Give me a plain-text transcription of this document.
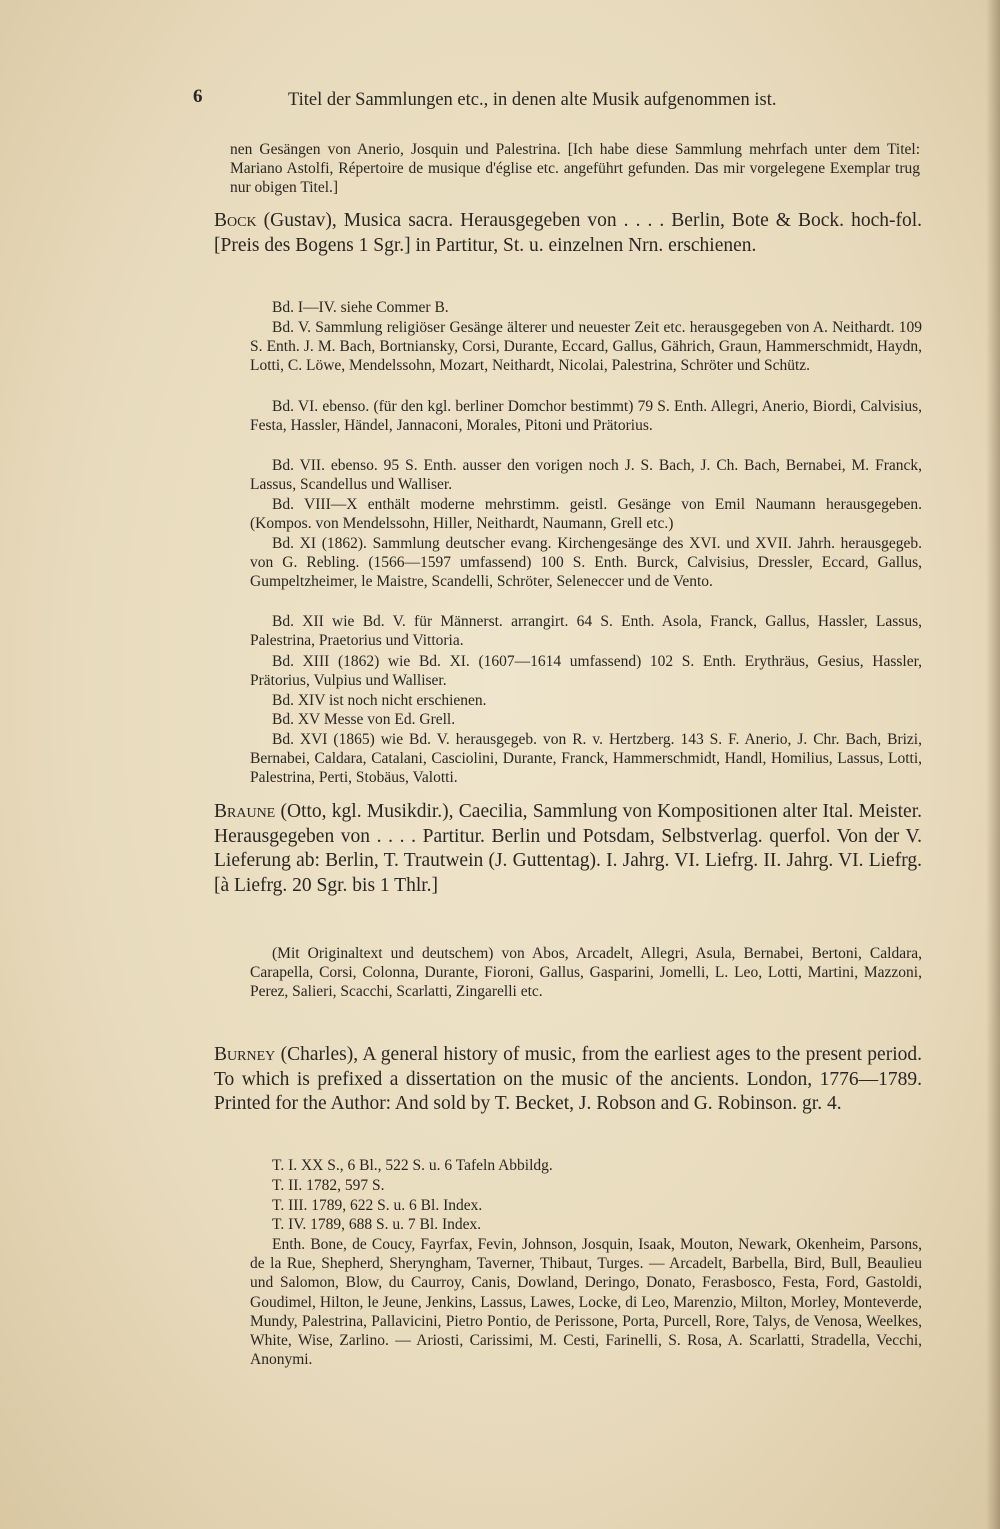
6	Titel der Sammlungen etc., in denen alte Musik aufgenommen ist.

nen Gesängen von Anerio, Josquin und Palestrina. [Ich habe diese Sammlung mehrfach unter dem Titel: Mariano Astolfi, Répertoire de musique d'église etc. angeführt gefunden. Das mir vorgelegene Exemplar trug nur obigen Titel.]

Bock (Gustav), Musica sacra. Herausgegeben von . . . . Berlin, Bote & Bock. hoch-fol. [Preis des Bogens 1 Sgr.] in Partitur, St. u. einzelnen Nrn. erschienen.

Bd. I—IV. siehe Commer B.

Bd. V. Sammlung religiöser Gesänge älterer und neuester Zeit etc. herausgegeben von A. Neithardt. 109 S. Enth. J. M. Bach, Bortniansky, Corsi, Durante, Eccard, Gallus, Gährich, Graun, Hammerschmidt, Haydn, Lotti, C. Löwe, Mendelssohn, Mozart, Neithardt, Nicolai, Palestrina, Schröter und Schütz.

Bd. VI. ebenso. (für den kgl. berliner Domchor bestimmt) 79 S. Enth. Allegri, Anerio, Biordi, Calvisius, Festa, Hassler, Händel, Jannaconi, Morales, Pitoni und Prätorius.

Bd. VII. ebenso. 95 S. Enth. ausser den vorigen noch J. S. Bach, J. Ch. Bach, Bernabei, M. Franck, Lassus, Scandellus und Walliser.

Bd. VIII—X enthält moderne mehrstimm. geistl. Gesänge von Emil Naumann herausgegeben. (Kompos. von Mendelssohn, Hiller, Neithardt, Naumann, Grell etc.)

Bd. XI (1862). Sammlung deutscher evang. Kirchengesänge des XVI. und XVII. Jahrh. herausgegeb. von G. Rebling. (1566—1597 umfassend) 100 S. Enth. Burck, Calvisius, Dressler, Eccard, Gallus, Gumpeltzheimer, le Maistre, Scandelli, Schröter, Seleneccer und de Vento.

Bd. XII wie Bd. V. für Männerst. arrangirt. 64 S. Enth. Asola, Franck, Gallus, Hassler, Lassus, Palestrina, Praetorius und Vittoria.

Bd. XIII (1862) wie Bd. XI. (1607—1614 umfassend) 102 S. Enth. Erythräus, Gesius, Hassler, Prätorius, Vulpius und Walliser.

Bd. XIV ist noch nicht erschienen.

Bd. XV Messe von Ed. Grell.

Bd. XVI (1865) wie Bd. V. herausgegeb. von R. v. Hertzberg. 143 S. F. Anerio, J. Chr. Bach, Brizi, Bernabei, Caldara, Catalani, Casciolini, Durante, Franck, Hammerschmidt, Handl, Homilius, Lassus, Lotti, Palestrina, Perti, Stobäus, Valotti.

Braune (Otto, kgl. Musikdir.), Caecilia, Sammlung von Kompositionen alter Ital. Meister. Herausgegeben von . . . . Partitur. Berlin und Potsdam, Selbstverlag. querfol. Von der V. Lieferung ab: Berlin, T. Trautwein (J. Guttentag). I. Jahrg. VI. Liefrg. II. Jahrg. VI. Liefrg. [à Liefrg. 20 Sgr. bis 1 Thlr.]

(Mit Originaltext und deutschem) von Abos, Arcadelt, Allegri, Asula, Bernabei, Bertoni, Caldara, Carapella, Corsi, Colonna, Durante, Fioroni, Gallus, Gasparini, Jomelli, L. Leo, Lotti, Martini, Mazzoni, Perez, Salieri, Scacchi, Scarlatti, Zingarelli etc.

Burney (Charles), A general history of music, from the earliest ages to the present period. To which is prefixed a dissertation on the music of the ancients. London, 1776—1789. Printed for the Author: And sold by T. Becket, J. Robson and G. Robinson. gr. 4.

T. I. XX S., 6 Bl., 522 S. u. 6 Tafeln Abbildg.

T. II. 1782, 597 S.

T. III. 1789, 622 S. u. 6 Bl. Index.

T. IV. 1789, 688 S. u. 7 Bl. Index.

Enth. Bone, de Coucy, Fayrfax, Fevin, Johnson, Josquin, Isaak, Mouton, Newark, Okenheim, Parsons, de la Rue, Shepherd, Sheryngham, Taverner, Thibaut, Turges. — Arcadelt, Barbella, Bird, Bull, Beaulieu und Salomon, Blow, du Caurroy, Canis, Dowland, Deringo, Donato, Ferasbosco, Festa, Ford, Gastoldi, Goudimel, Hilton, le Jeune, Jenkins, Lassus, Lawes, Locke, di Leo, Marenzio, Milton, Morley, Monteverde, Mundy, Palestrina, Pallavicini, Pietro Pontio, de Perissone, Porta, Purcell, Rore, Talys, de Venosa, Weelkes, White, Wise, Zarlino. — Ariosti, Carissimi, M. Cesti, Farinelli, S. Rosa, A. Scarlatti, Stradella, Vecchi, Anonymi.
